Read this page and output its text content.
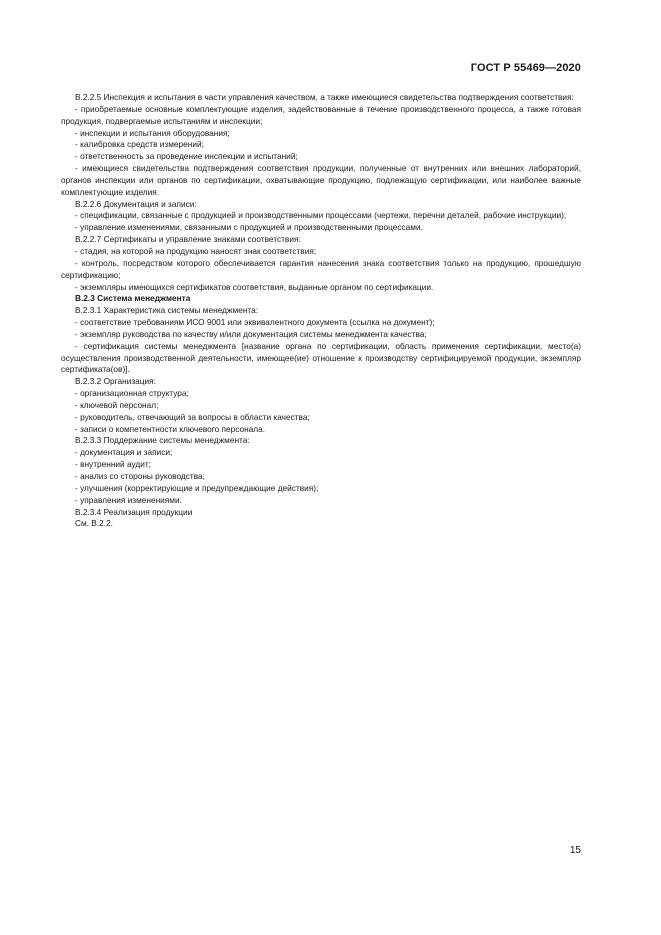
ГОСТ Р 55469—2020

B.2.2.5 Инспекция и испытания в части управления качеством, а также имеющиеся свидетельства подтверждения соответствия:

- приобретаемые основные комплектующие изделия, задействованные в течение производственного процесса, а также готовая продукция, подвергаемые испытаниям и инспекции;

- инспекции и испытания оборудования;

- калибровка средств измерений;

- ответственность за проведение инспекции и испытаний;

- имеющиеся свидетельства подтверждения соответствия продукции, полученные от внутренних или внешних лабораторий, органов инспекции или органов по сертификации, охватывающие продукцию, подлежащую сертификации, или наиболее важные комплектующие изделия.

B.2.2.6 Документация и записи:

- спецификации, связанные с продукцией и производственными процессами (чертежи, перечни деталей, рабочие инструкции);

- управление изменениями, связанными с продукцией и производственными процессами.

B.2.2.7 Сертификаты и управление знаками соответствия:

- стадия, на которой на продукцию наносят знак соответствия;

- контроль, посредством которого обеспечивается гарантия нанесения знака соответствия только на продукцию, прошедшую сертификацию;

- экземпляры имеющихся сертификатов соответствия, выданные органом по сертификации.

B.2.3 Система менеджмента

B.2.3.1 Характеристика системы менеджмента:

- соответствие требованиям ИСО 9001 или эквивалентного документа (ссылка на документ);

- экземпляр руководства по качеству и/или документация системы менеджмента качества;

- сертификация системы менеджмента [название органа по сертификации, область применения сертификации, место(а) осуществления производственной деятельности, имеющее(ие) отношение к производству сертифицируемой продукции, экземпляр сертификата(ов)].

B.2.3.2 Организация:

- организационная структура;

- ключевой персонал;

- руководитель, отвечающий за вопросы в области качества;

- записи о компетентности ключевого персонала.

B.2.3.3 Поддержание системы менеджмента:

- документация и записи;

- внутренний аудит;

- анализ со стороны руководства;

- улучшения (корректирующие и предупреждающие действия);

- управления изменениями.

B.2.3.4 Реализация продукции

См. B.2.2.

15
